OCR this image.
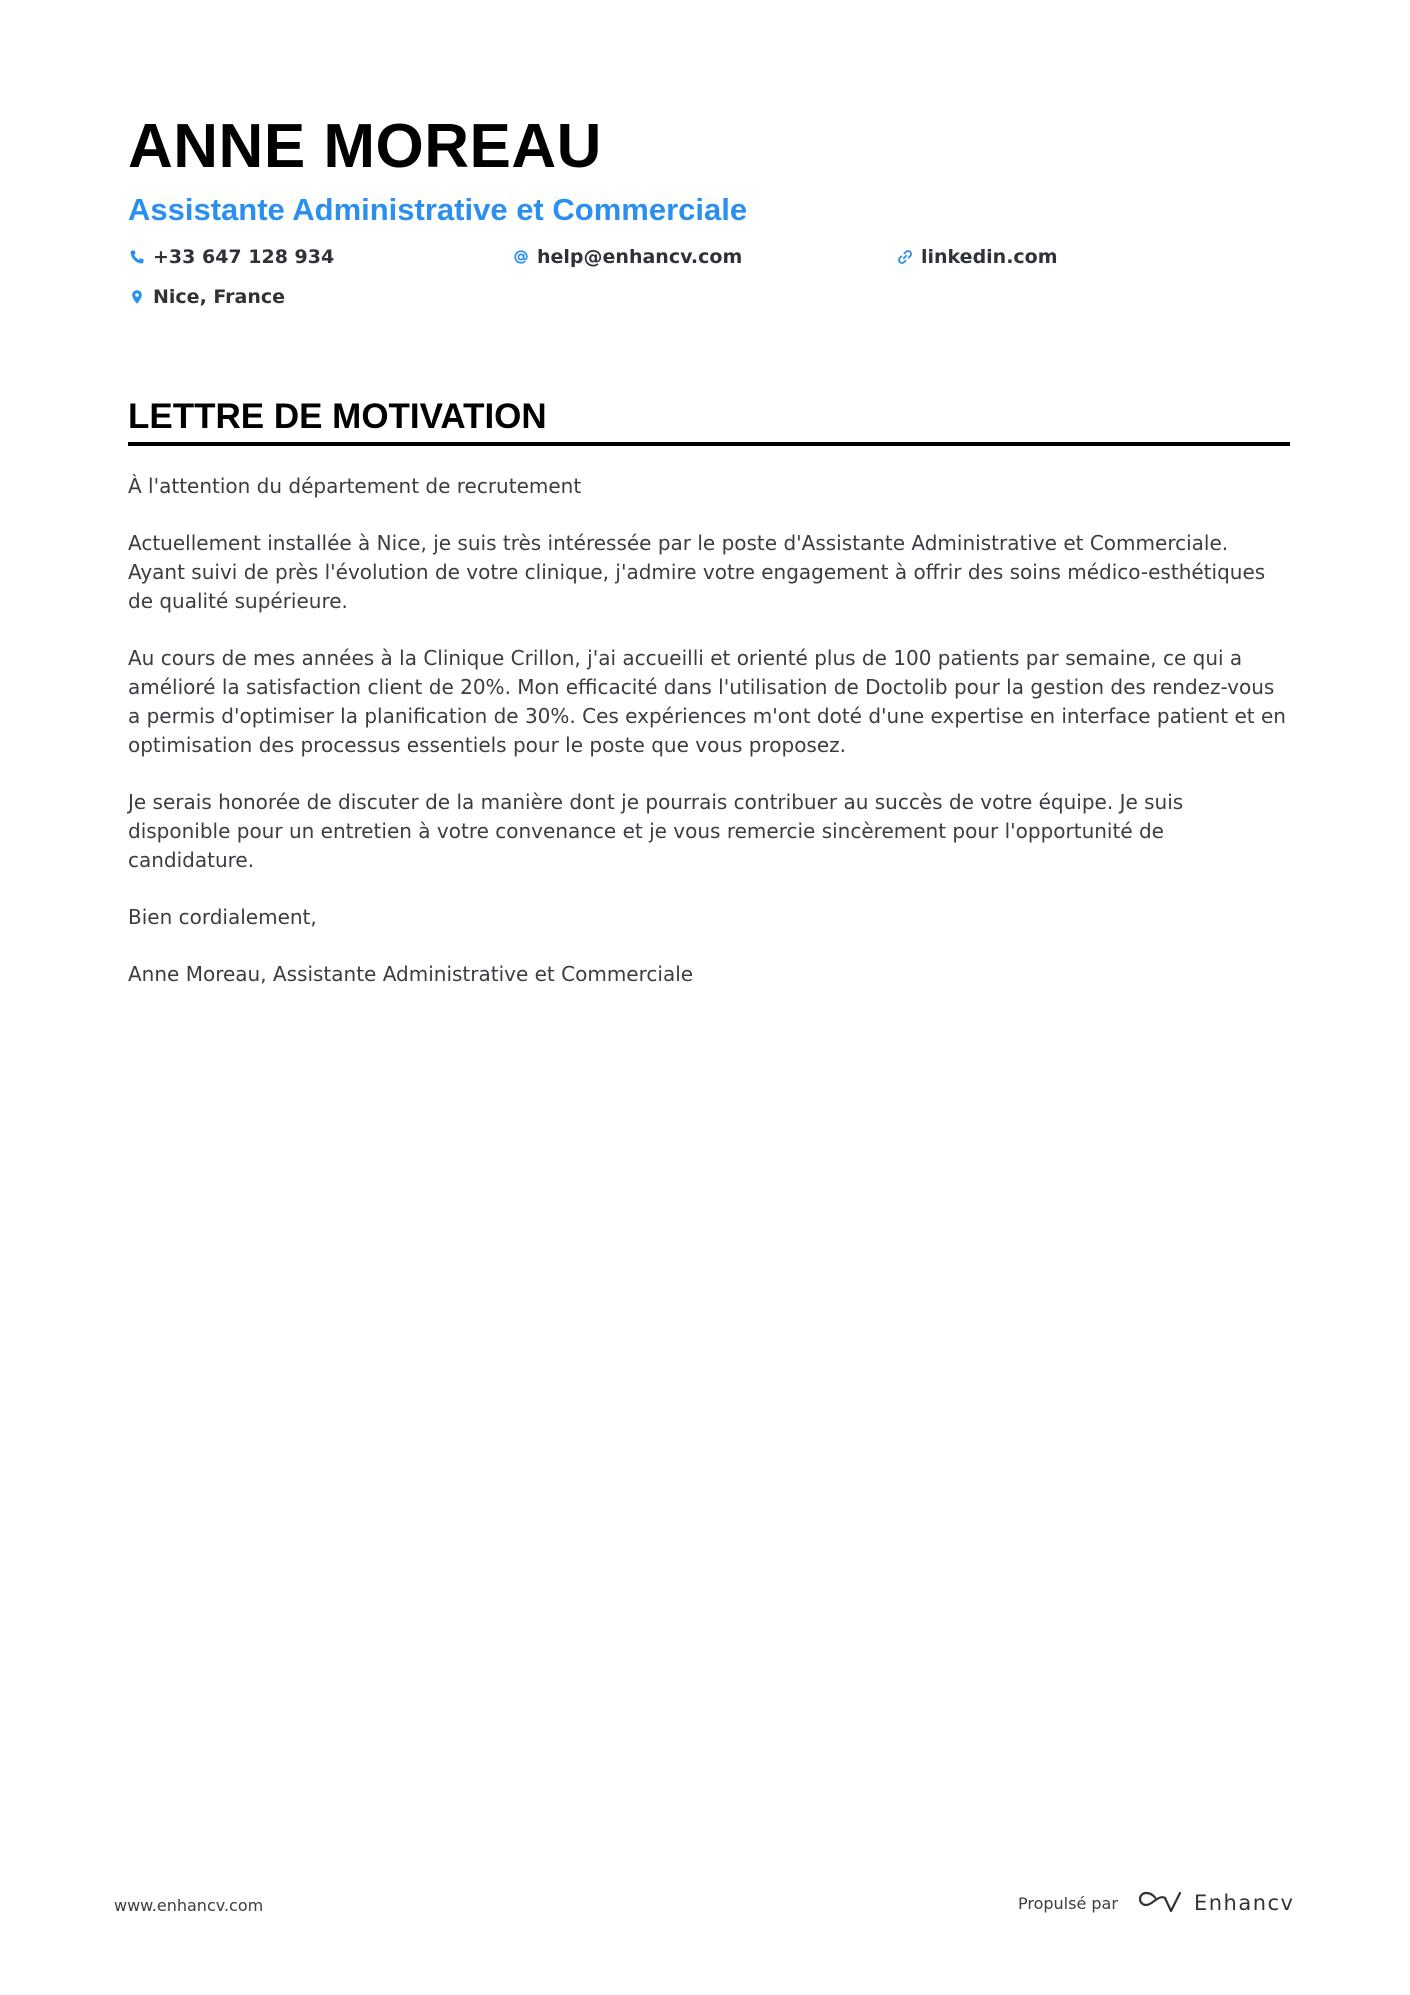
ANNE MOREAU
Assistante Administrative et Commerciale
+33 647 128 934	help@enhancv.com	linkedin.com
Nice, France
LETTRE DE MOTIVATION

À l'attention du département de recrutement

Actuellement installée à Nice, je suis très intéressée par le poste d'Assistante Administrative et Commerciale. Ayant suivi de près l'évolution de votre clinique, j'admire votre engagement à offrir des soins médico-esthétiques de qualité supérieure.

Au cours de mes années à la Clinique Crillon, j'ai accueilli et orienté plus de 100 patients par semaine, ce qui a amélioré la satisfaction client de 20%. Mon efficacité dans l'utilisation de Doctolib pour la gestion des rendez-vous a permis d'optimiser la planification de 30%. Ces expériences m'ont doté d'une expertise en interface patient et en optimisation des processus essentiels pour le poste que vous proposez.

Je serais honorée de discuter de la manière dont je pourrais contribuer au succès de votre équipe. Je suis disponible pour un entretien à votre convenance et je vous remercie sincèrement pour l'opportunité de candidature.

Bien cordialement,

Anne Moreau, Assistante Administrative et Commerciale

www.enhancv.com	Propulsé par	Enhancv
